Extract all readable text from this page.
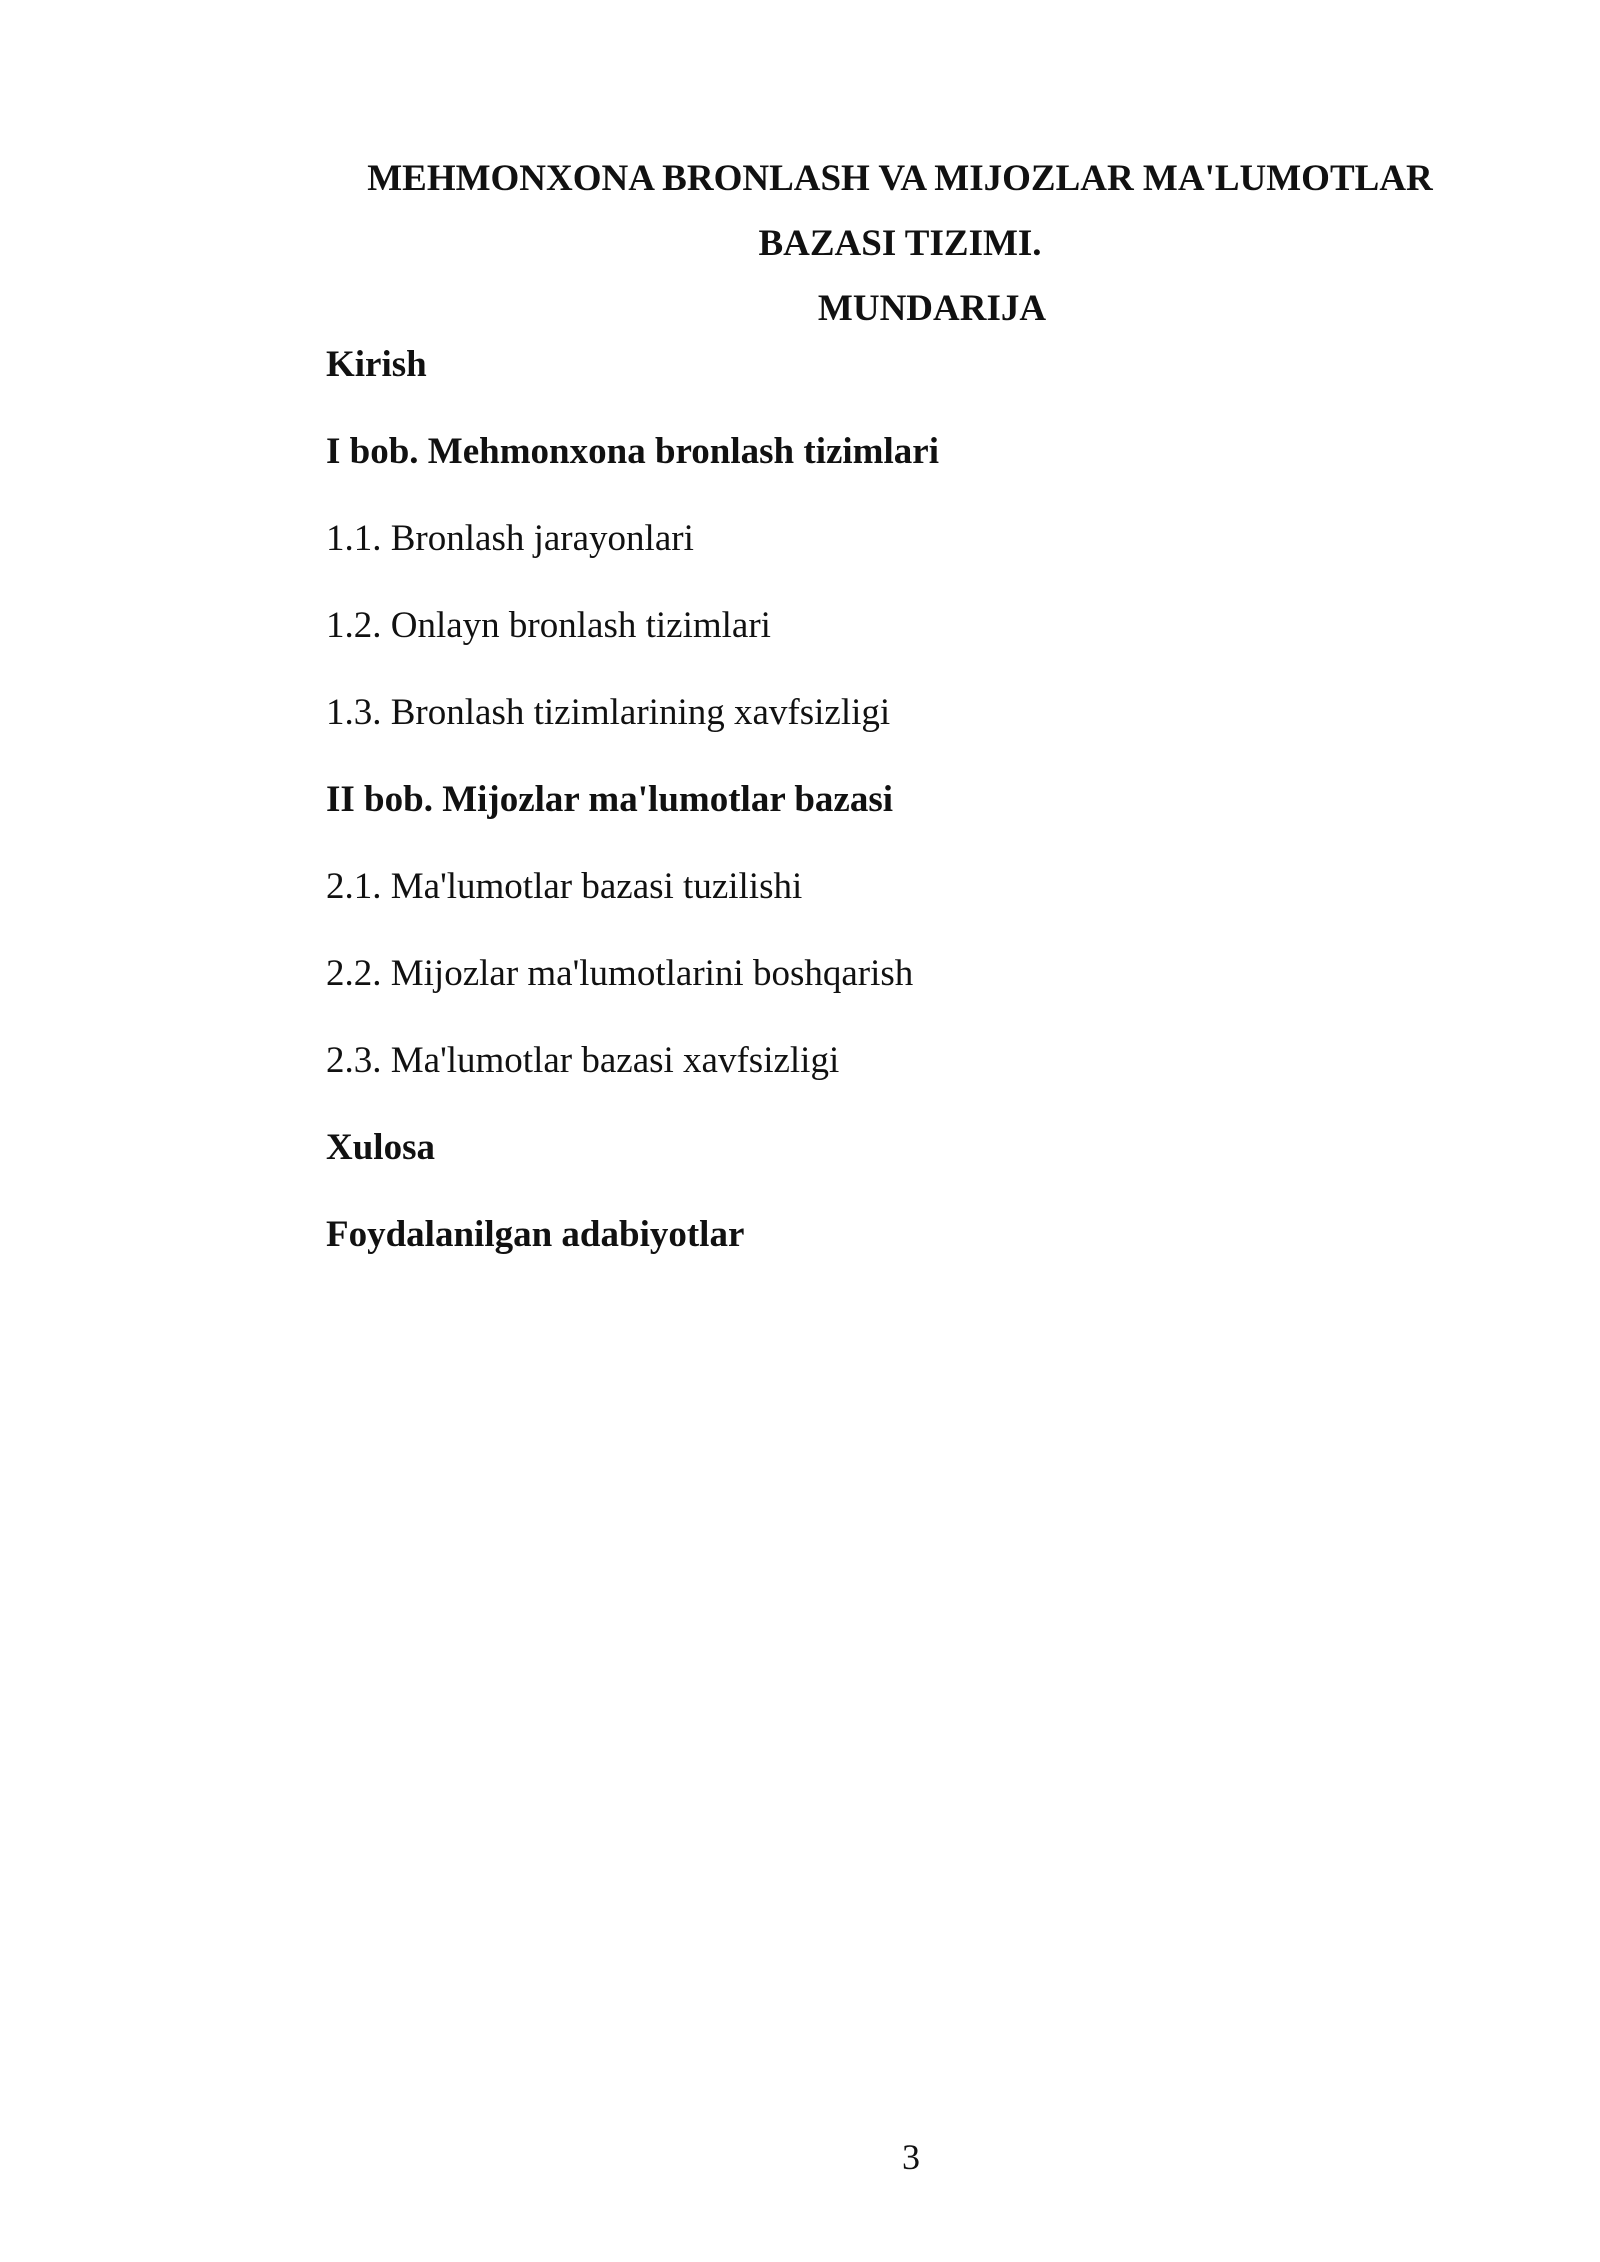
MEHMONXONA BRONLASH VA MIJOZLAR MA'LUMOTLAR
BAZASI TIZIMI.
MUNDARIJA
Kirish
I bob. Mehmonxona bronlash tizimlari
1.1. Bronlash jarayonlari
1.2. Onlayn bronlash tizimlari
1.3. Bronlash tizimlarining xavfsizligi
II bob. Mijozlar ma'lumotlar bazasi
2.1. Ma'lumotlar bazasi tuzilishi
2.2. Mijozlar ma'lumotlarini boshqarish
2.3. Ma'lumotlar bazasi xavfsizligi
Xulosa
Foydalanilgan adabiyotlar
3
